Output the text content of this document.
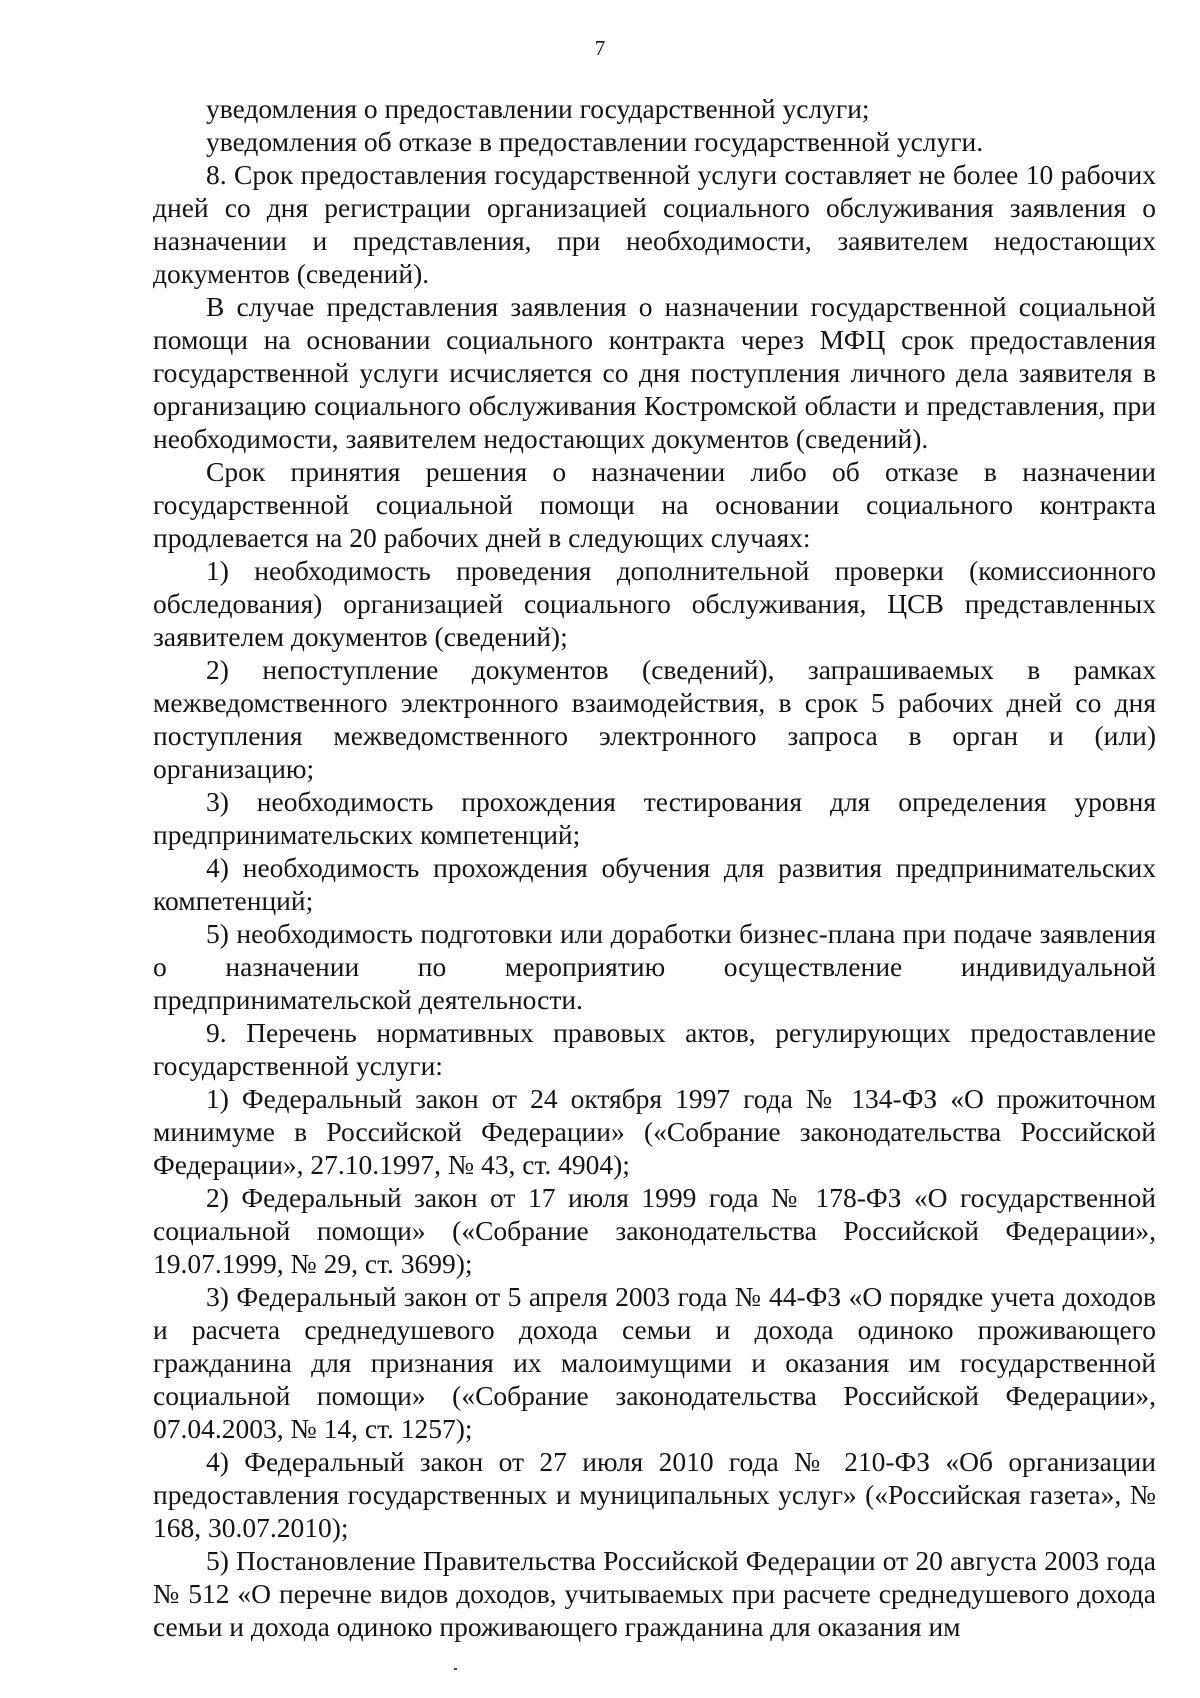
7

уведомления о предоставлении государственной услуги;

уведомления об отказе в предоставлении государственной услуги.

8. Срок предоставления государственной услуги составляет не более 10 рабочих дней со дня регистрации организацией социального обслуживания заявления о назначении и представления, при необходимости, заявителем недостающих документов (сведений).

В случае представления заявления о назначении государственной социальной помощи на основании социального контракта через МФЦ срок предоставления государственной услуги исчисляется со дня поступления личного дела заявителя в организацию социального обслуживания Костромской области и представления, при необходимости, заявителем недостающих документов (сведений).

Срок принятия решения о назначении либо об отказе в назначении государственной социальной помощи на основании социального контракта продлевается на 20 рабочих дней в следующих случаях:

1) необходимость проведения дополнительной проверки (комиссионного обследования) организацией социального обслуживания, ЦСВ представленных заявителем документов (сведений);

2) непоступление документов (сведений), запрашиваемых в рамках межведомственного электронного взаимодействия, в срок 5 рабочих дней со дня поступления межведомственного электронного запроса в орган и (или) организацию;

3) необходимость прохождения тестирования для определения уровня предпринимательских компетенций;

4) необходимость прохождения обучения для развития предпринимательских компетенций;

5) необходимость подготовки или доработки бизнес-плана при подаче заявления о назначении по мероприятию осуществление индивидуальной предпринимательской деятельности.

9. Перечень нормативных правовых актов, регулирующих предоставление государственной услуги:

1) Федеральный закон от 24 октября 1997 года № 134-ФЗ «О прожиточном минимуме в Российской Федерации» («Собрание законодательства Российской Федерации», 27.10.1997, № 43, ст. 4904);

2) Федеральный закон от 17 июля 1999 года № 178-ФЗ «О государственной социальной помощи» («Собрание законодательства Российской Федерации», 19.07.1999, № 29, ст. 3699);

3) Федеральный закон от 5 апреля 2003 года № 44-ФЗ «О порядке учета доходов и расчета среднедушевого дохода семьи и дохода одиноко проживающего гражданина для признания их малоимущими и оказания им государственной социальной помощи» («Собрание законодательства Российской Федерации», 07.04.2003, № 14, ст. 1257);

4) Федеральный закон от 27 июля 2010 года № 210-ФЗ «Об организации предоставления государственных и муниципальных услуг» («Российская газета», № 168, 30.07.2010);

5) Постановление Правительства Российской Федерации от 20 августа 2003 года № 512 «О перечне видов доходов, учитываемых при расчете среднедушевого дохода семьи и дохода одиноко проживающего гражданина для оказания им
